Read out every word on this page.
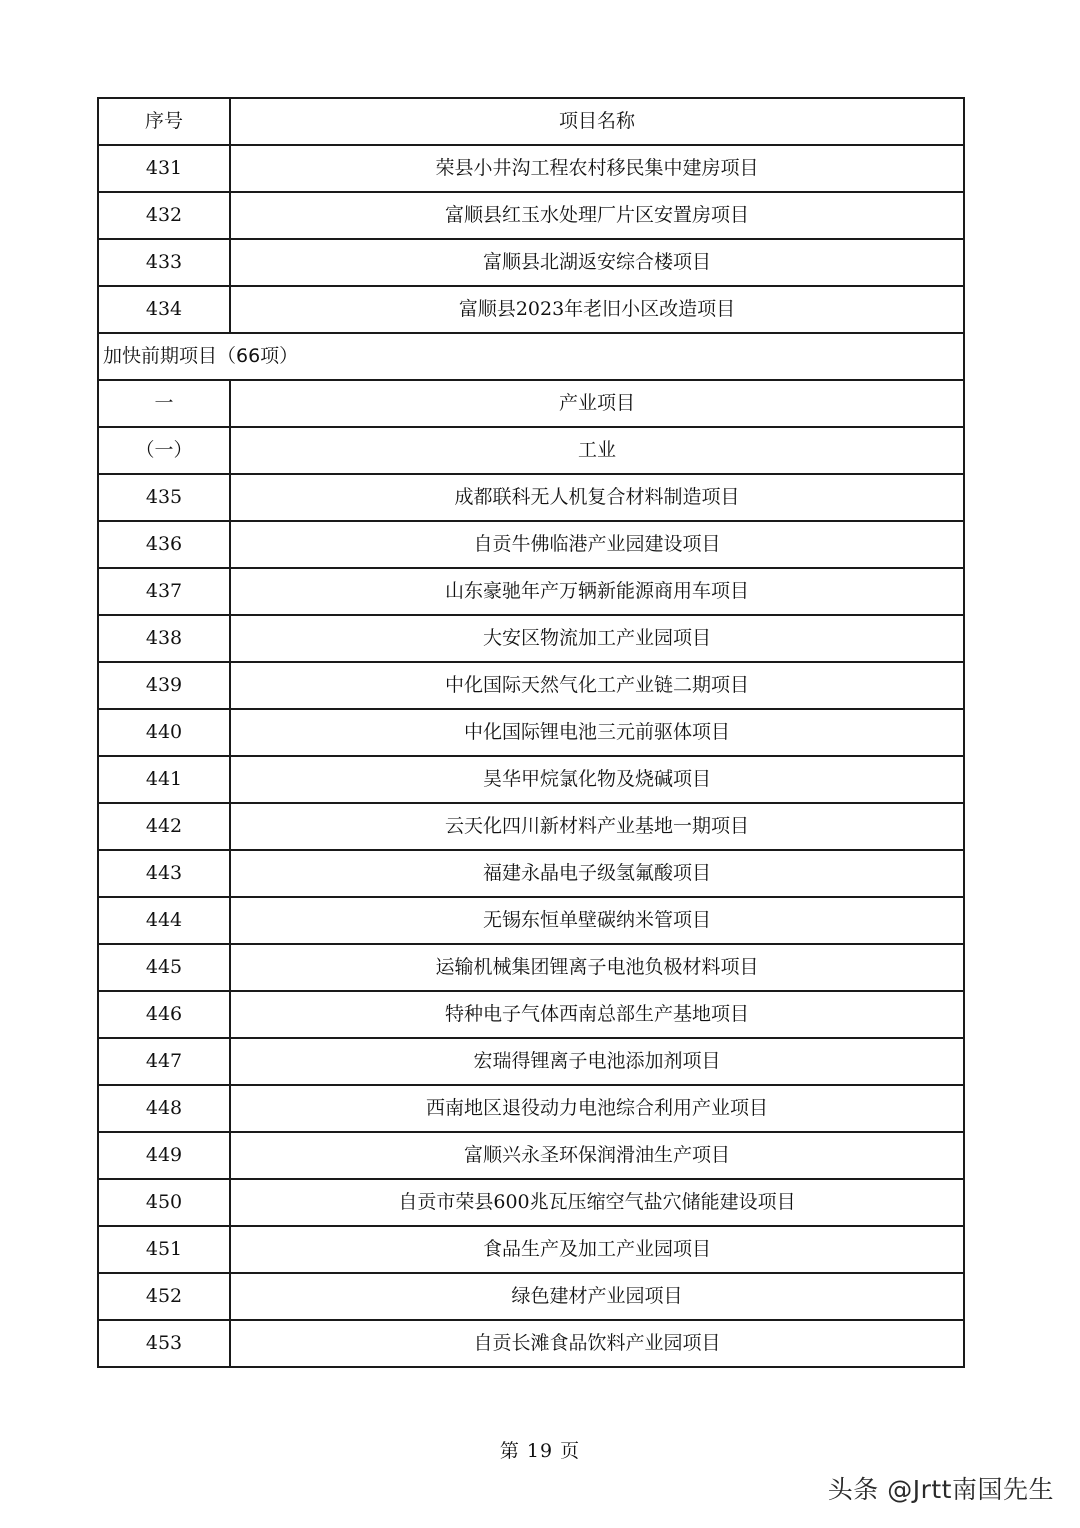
序号	项目名称
431	荣县小井沟工程农村移民集中建房项目
432	富顺县红玉水处理厂片区安置房项目
433	富顺县北湖返安综合楼项目
434	富顺县2023年老旧小区改造项目
加快前期项目（66项）	
一	产业项目
（一）	工业
435	成都联科无人机复合材料制造项目
436	自贡牛佛临港产业园建设项目
437	山东豪驰年产万辆新能源商用车项目
438	大安区物流加工产业园项目
439	中化国际天然气化工产业链二期项目
440	中化国际锂电池三元前驱体项目
441	昊华甲烷氯化物及烧碱项目
442	云天化四川新材料产业基地一期项目
443	福建永晶电子级氢氟酸项目
444	无锡东恒单壁碳纳米管项目
445	运输机械集团锂离子电池负极材料项目
446	特种电子气体西南总部生产基地项目
447	宏瑞得锂离子电池添加剂项目
448	西南地区退役动力电池综合利用产业项目
449	富顺兴永圣环保润滑油生产项目
450	自贡市荣县600兆瓦压缩空气盐穴储能建设项目
451	食品生产及加工产业园项目
452	绿色建材产业园项目
453	自贡长滩食品饮料产业园项目
第 19 页
头条 @Jrtt南国先生
